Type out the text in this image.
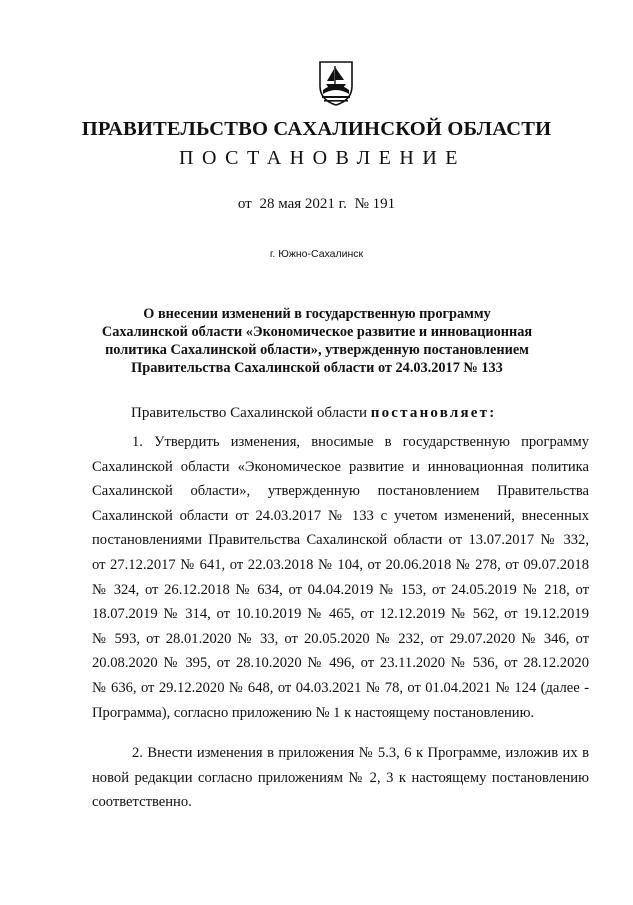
ПРАВИТЕЛЬСТВО САХАЛИНСКОЙ ОБЛАСТИ
ПОСТАНОВЛЕНИЕ
от 28 мая 2021 г. № 191
г. Южно-Сахалинск
О внесении изменений в государственную программу
Сахалинской области «Экономическое развитие и инновационная
политика Сахалинской области», утвержденную постановлением
Правительства Сахалинской области от 24.03.2017 № 133
Правительство Сахалинской области постановляет:
1. Утвердить изменения, вносимые в государственную программу
Сахалинской области «Экономическое развитие и инновационная политика
Сахалинской области», утвержденную постановлением Правительства
Сахалинской области от 24.03.2017 № 133 с учетом изменений, внесенных
постановлениями Правительства Сахалинской области от 13.07.2017 № 332,
от 27.12.2017 № 641, от 22.03.2018 № 104, от 20.06.2018 № 278, от 09.07.2018
№ 324, от 26.12.2018 № 634, от 04.04.2019 № 153, от 24.05.2019 № 218, от
18.07.2019 № 314, от 10.10.2019 № 465, от 12.12.2019 № 562, от 19.12.2019
№ 593, от 28.01.2020 № 33, от 20.05.2020 № 232, от 29.07.2020 № 346, от
20.08.2020 № 395, от 28.10.2020 № 496, от 23.11.2020 № 536, от 28.12.2020
№ 636, от 29.12.2020 № 648, от 04.03.2021 № 78, от 01.04.2021 № 124 (далее -
Программа), согласно приложению № 1 к настоящему постановлению.
2. Внести изменения в приложения № 5.3, 6 к Программе, изложив их в
новой редакции согласно приложениям № 2, 3 к настоящему постановлению
соответственно.
